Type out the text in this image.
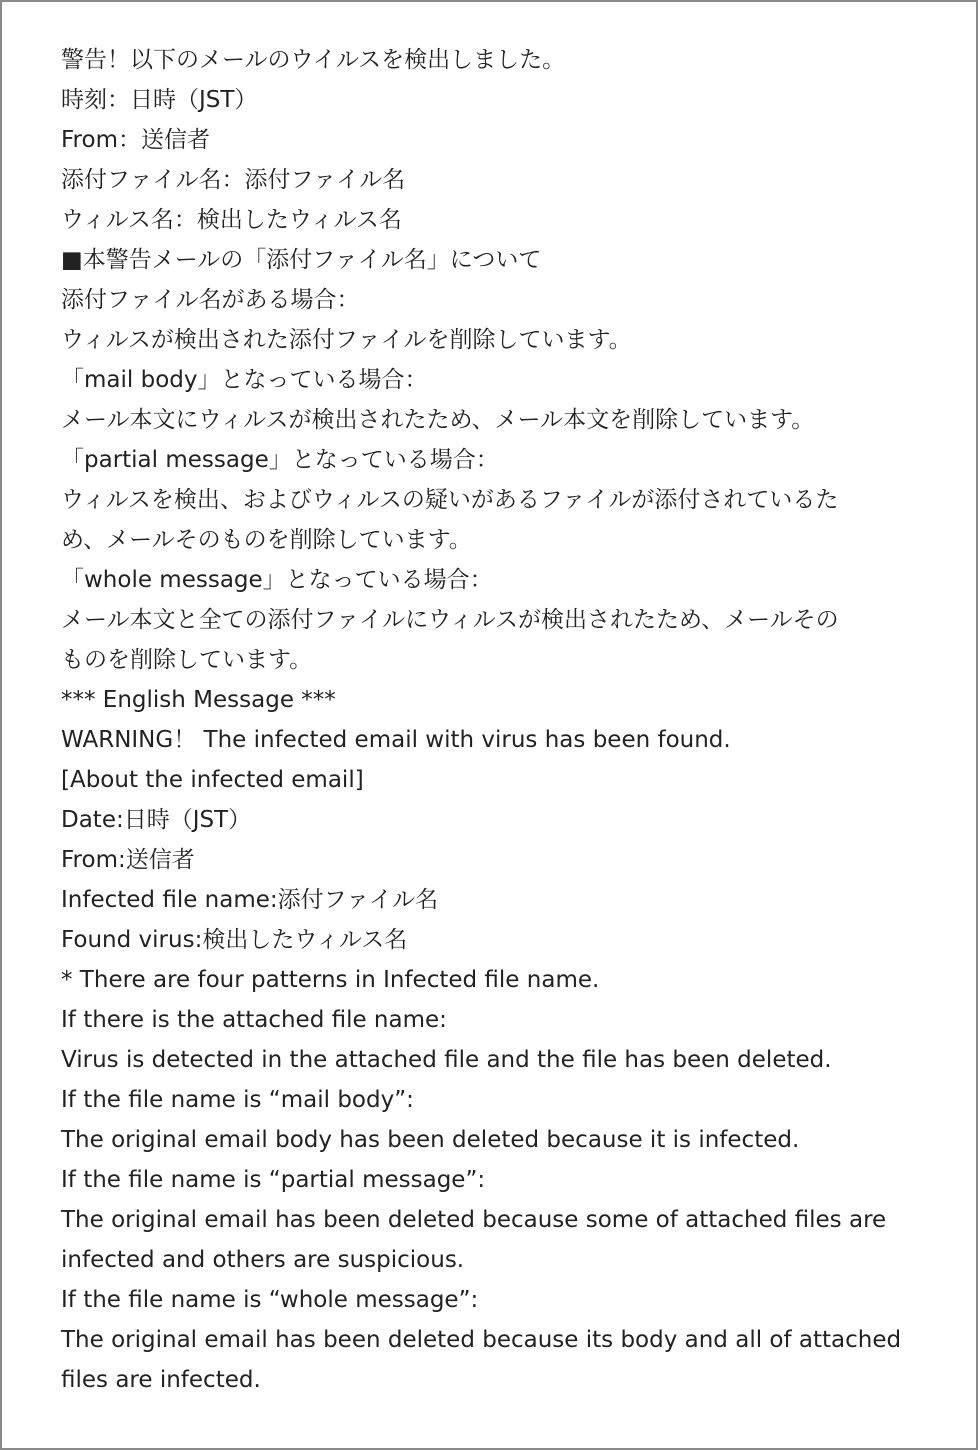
警告！以下のメールのウイルスを検出しました。
時刻：日時（JST）
From：送信者
添付ファイル名：添付ファイル名
ウィルス名：検出したウィルス名
■本警告メールの「添付ファイル名」について
添付ファイル名がある場合：
ウィルスが検出された添付ファイルを削除しています。
「mail body」となっている場合：
メール本文にウィルスが検出されたため、メール本文を削除しています。
「partial message」となっている場合：
ウィルスを検出、およびウィルスの疑いがあるファイルが添付されているた
め、メールそのものを削除しています。
「whole message」となっている場合：
メール本文と全ての添付ファイルにウィルスが検出されたため、メールその
ものを削除しています。
*** English Message ***
WARNING！ The infected email with virus has been found.
[About the infected email]
Date:日時（JST）
From:送信者
Infected file name:添付ファイル名
Found virus:検出したウィルス名
* There are four patterns in Infected file name.
If there is the attached file name:
Virus is detected in the attached file and the file has been deleted.
If the file name is “mail body”:
The original email body has been deleted because it is infected.
If the file name is “partial message”:
The original email has been deleted because some of attached files are
infected and others are suspicious.
If the file name is “whole message”:
The original email has been deleted because its body and all of attached
files are infected.
